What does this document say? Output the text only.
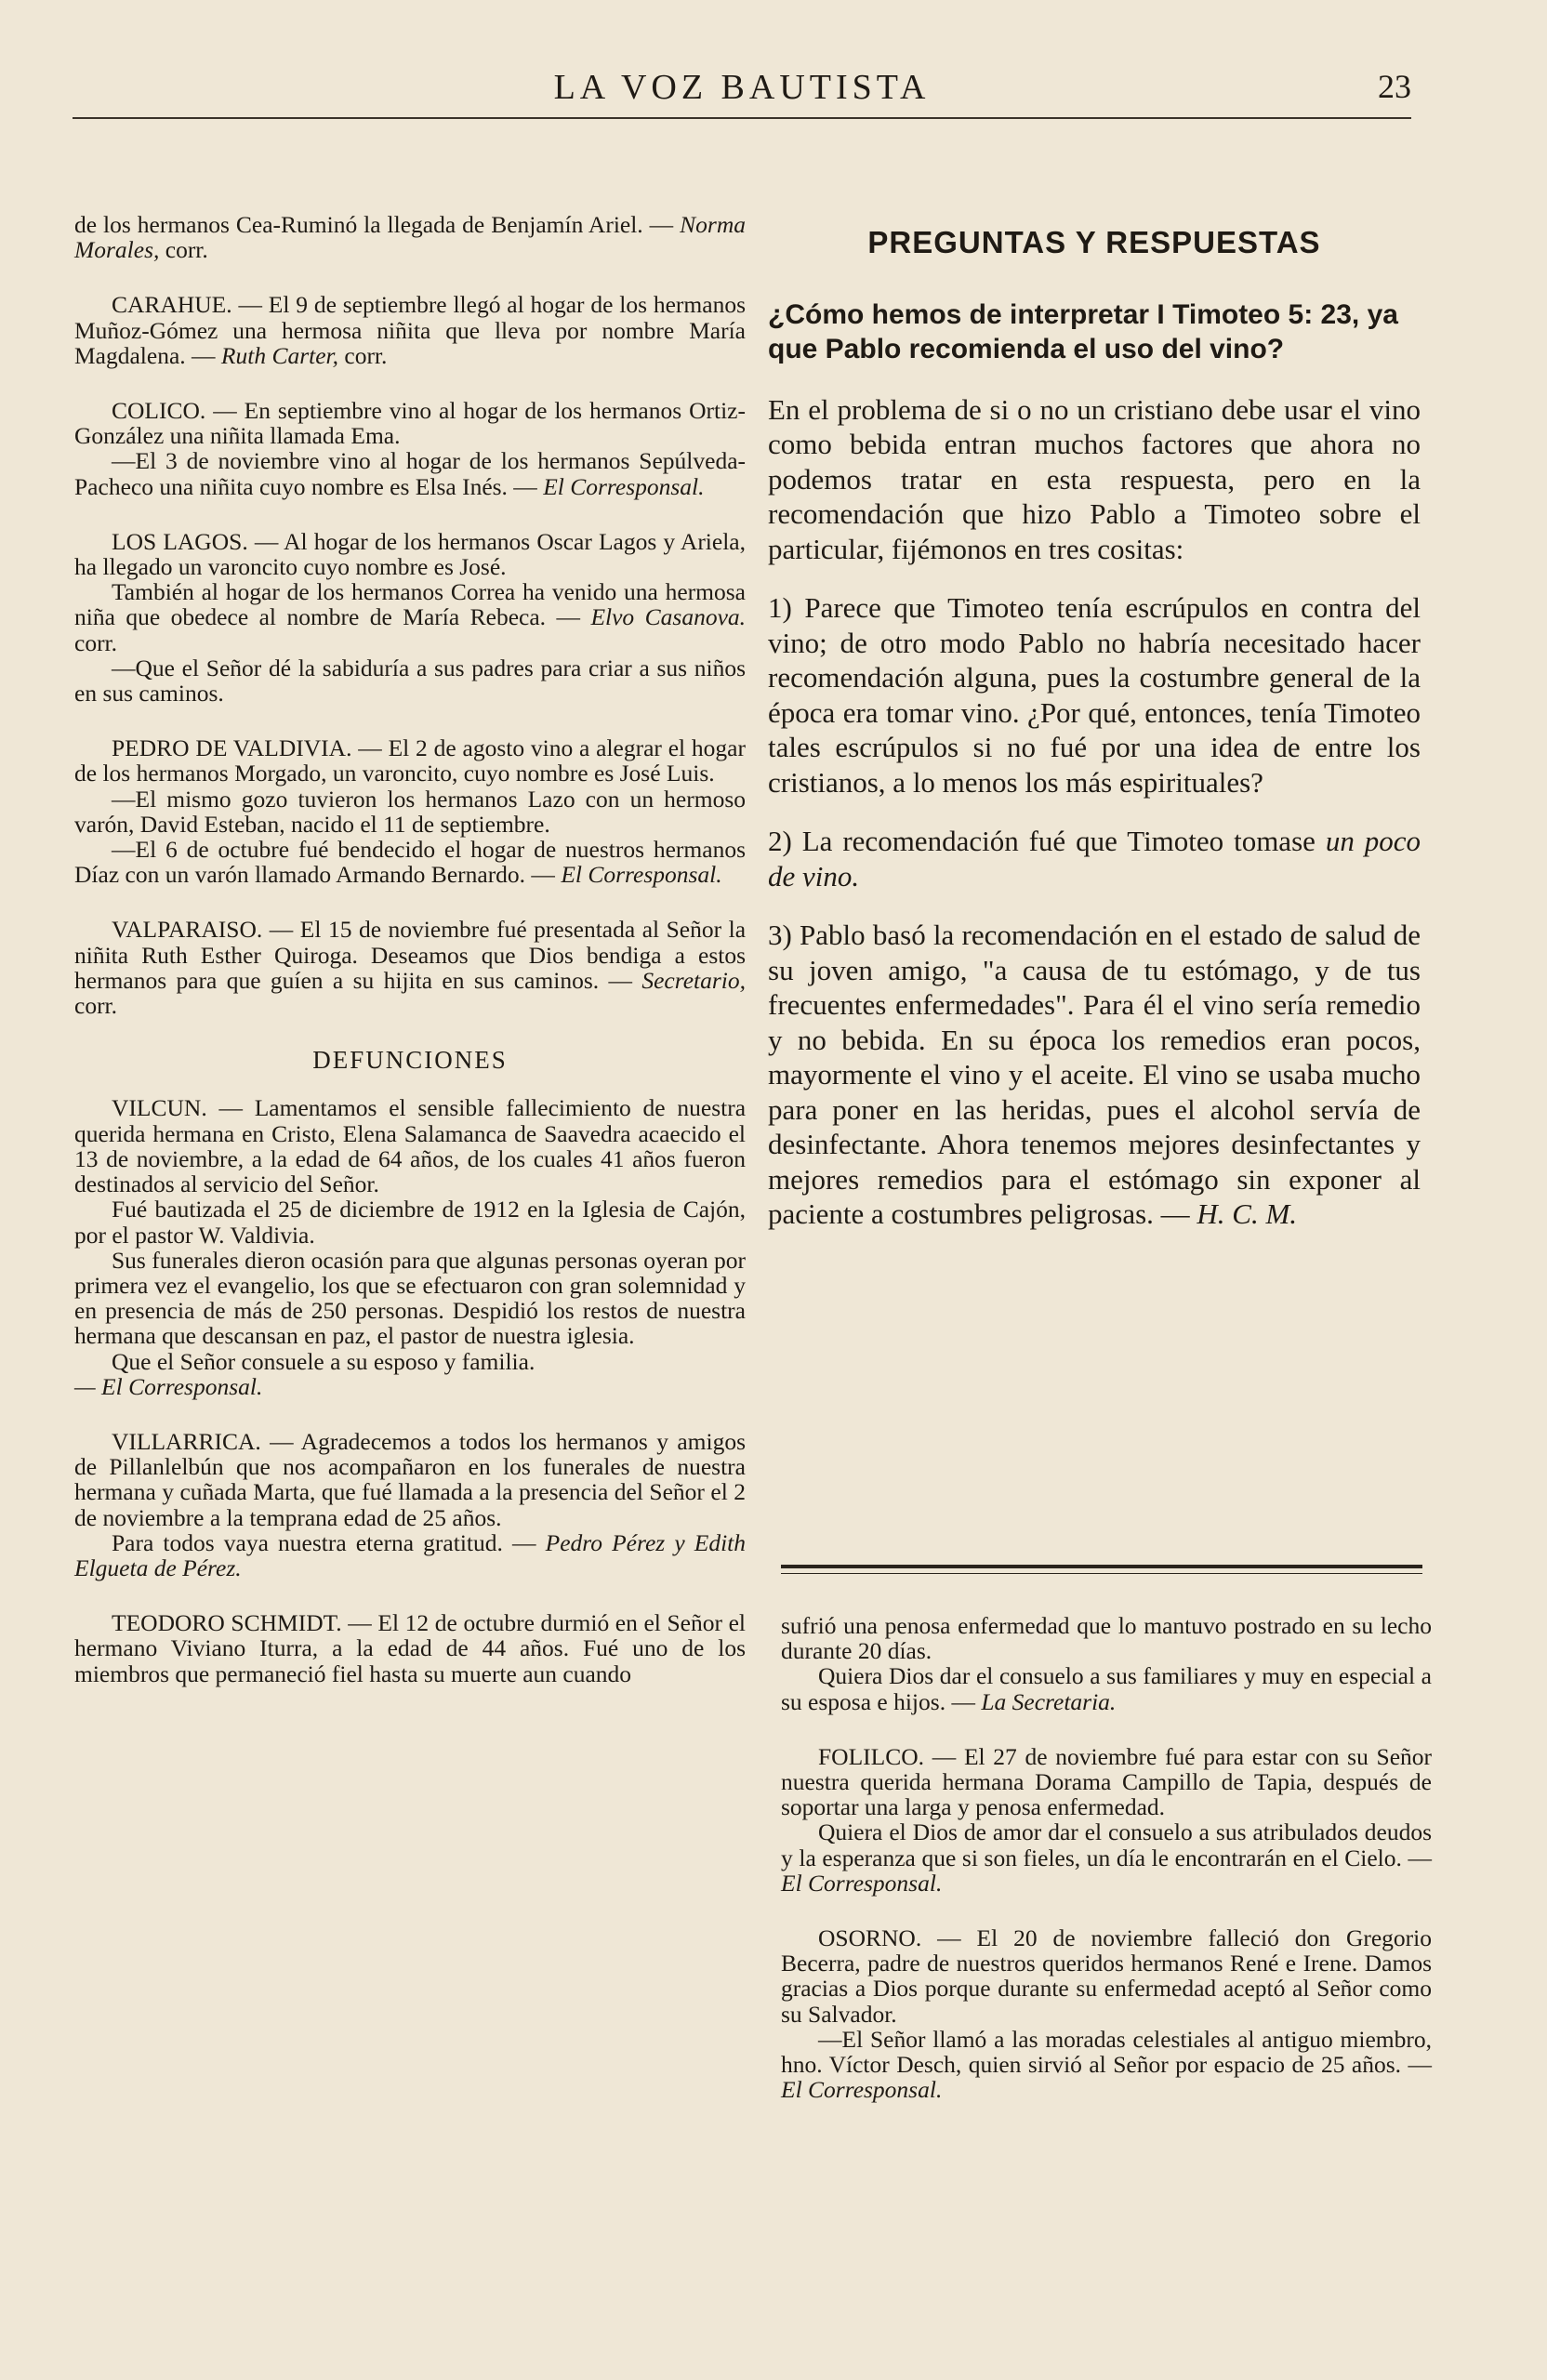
LA VOZ BAUTISTA	23

de los hermanos Cea-Ruminó la llegada de Benjamín Ariel. — Norma Morales, corr.

CARAHUE. — El 9 de septiembre llegó al hogar de los hermanos Muñoz-Gómez una hermosa niñita que lleva por nombre María Magdalena. — Ruth Carter, corr.

COLICO. — En septiembre vino al hogar de los hermanos Ortiz-González una niñita llamada Ema.

—El 3 de noviembre vino al hogar de los hermanos Sepúlveda-Pacheco una niñita cuyo nombre es Elsa Inés. — El Corresponsal.

LOS LAGOS. — Al hogar de los hermanos Oscar Lagos y Ariela, ha llegado un varoncito cuyo nombre es José.

También al hogar de los hermanos Correa ha venido una hermosa niña que obedece al nombre de María Rebeca. — Elvo Casanova. corr.

—Que el Señor dé la sabiduría a sus padres para criar a sus niños en sus caminos.

PEDRO DE VALDIVIA. — El 2 de agosto vino a alegrar el hogar de los hermanos Morgado, un varoncito, cuyo nombre es José Luis.

—El mismo gozo tuvieron los hermanos Lazo con un hermoso varón, David Esteban, nacido el 11 de septiembre.

—El 6 de octubre fué bendecido el hogar de nuestros hermanos Díaz con un varón llamado Armando Bernardo. — El Corresponsal.

VALPARAISO. — El 15 de noviembre fué presentada al Señor la niñita Ruth Esther Quiroga. Deseamos que Dios bendiga a estos hermanos para que guíen a su hijita en sus caminos. — Secretario, corr.

DEFUNCIONES

VILCUN. — Lamentamos el sensible fallecimiento de nuestra querida hermana en Cristo, Elena Salamanca de Saavedra acaecido el 13 de noviembre, a la edad de 64 años, de los cuales 41 años fueron destinados al servicio del Señor.

Fué bautizada el 25 de diciembre de 1912 en la Iglesia de Cajón, por el pastor W. Valdivia.

Sus funerales dieron ocasión para que algunas personas oyeran por primera vez el evangelio, los que se efectuaron con gran solemnidad y en presencia de más de 250 personas. Despidió los restos de nuestra hermana que descansan en paz, el pastor de nuestra iglesia.

Que el Señor consuele a su esposo y familia.

— El Corresponsal.

VILLARRICA. — Agradecemos a todos los hermanos y amigos de Pillanlelbún que nos acompañaron en los funerales de nuestra hermana y cuñada Marta, que fué llamada a la presencia del Señor el 2 de noviembre a la temprana edad de 25 años.

Para todos vaya nuestra eterna gratitud. — Pedro Pérez y Edith Elgueta de Pérez.

TEODORO SCHMIDT. — El 12 de octubre durmió en el Señor el hermano Viviano Iturra, a la edad de 44 años. Fué uno de los miembros que permaneció fiel hasta su muerte aun cuando

PREGUNTAS Y RESPUESTAS
¿Cómo hemos de interpretar I Timoteo 5: 23, ya que Pablo recomienda el uso del vino?

En el problema de si o no un cristiano debe usar el vino como bebida entran muchos factores que ahora no podemos tratar en esta respuesta, pero en la recomendación que hizo Pablo a Timoteo sobre el particular, fijémonos en tres cositas:

1) Parece que Timoteo tenía escrúpulos en contra del vino; de otro modo Pablo no habría necesitado hacer recomendación alguna, pues la costumbre general de la época era tomar vino. ¿Por qué, entonces, tenía Timoteo tales escrúpulos si no fué por una idea de entre los cristianos, a lo menos los más espirituales?

2) La recomendación fué que Timoteo tomase un poco de vino.

3) Pablo basó la recomendación en el estado de salud de su joven amigo, "a causa de tu estómago, y de tus frecuentes enfermedades". Para él el vino sería remedio y no bebida. En su época los remedios eran pocos, mayormente el vino y el aceite. El vino se usaba mucho para poner en las heridas, pues el alcohol servía de desinfectante. Ahora tenemos mejores desinfectantes y mejores remedios para el estómago sin exponer al paciente a costumbres peligrosas. — H. C. M.

sufrió una penosa enfermedad que lo mantuvo postrado en su lecho durante 20 días.

Quiera Dios dar el consuelo a sus familiares y muy en especial a su esposa e hijos. — La Secretaria.

FOLILCO. — El 27 de noviembre fué para estar con su Señor nuestra querida hermana Dorama Campillo de Tapia, después de soportar una larga y penosa enfermedad.

Quiera el Dios de amor dar el consuelo a sus atribulados deudos y la esperanza que si son fieles, un día le encontrarán en el Cielo. — El Corresponsal.

OSORNO. — El 20 de noviembre falleció don Gregorio Becerra, padre de nuestros queridos hermanos René e Irene. Damos gracias a Dios porque durante su enfermedad aceptó al Señor como su Salvador.

—El Señor llamó a las moradas celestiales al antiguo miembro, hno. Víctor Desch, quien sirvió al Señor por espacio de 25 años. — El Corresponsal.
